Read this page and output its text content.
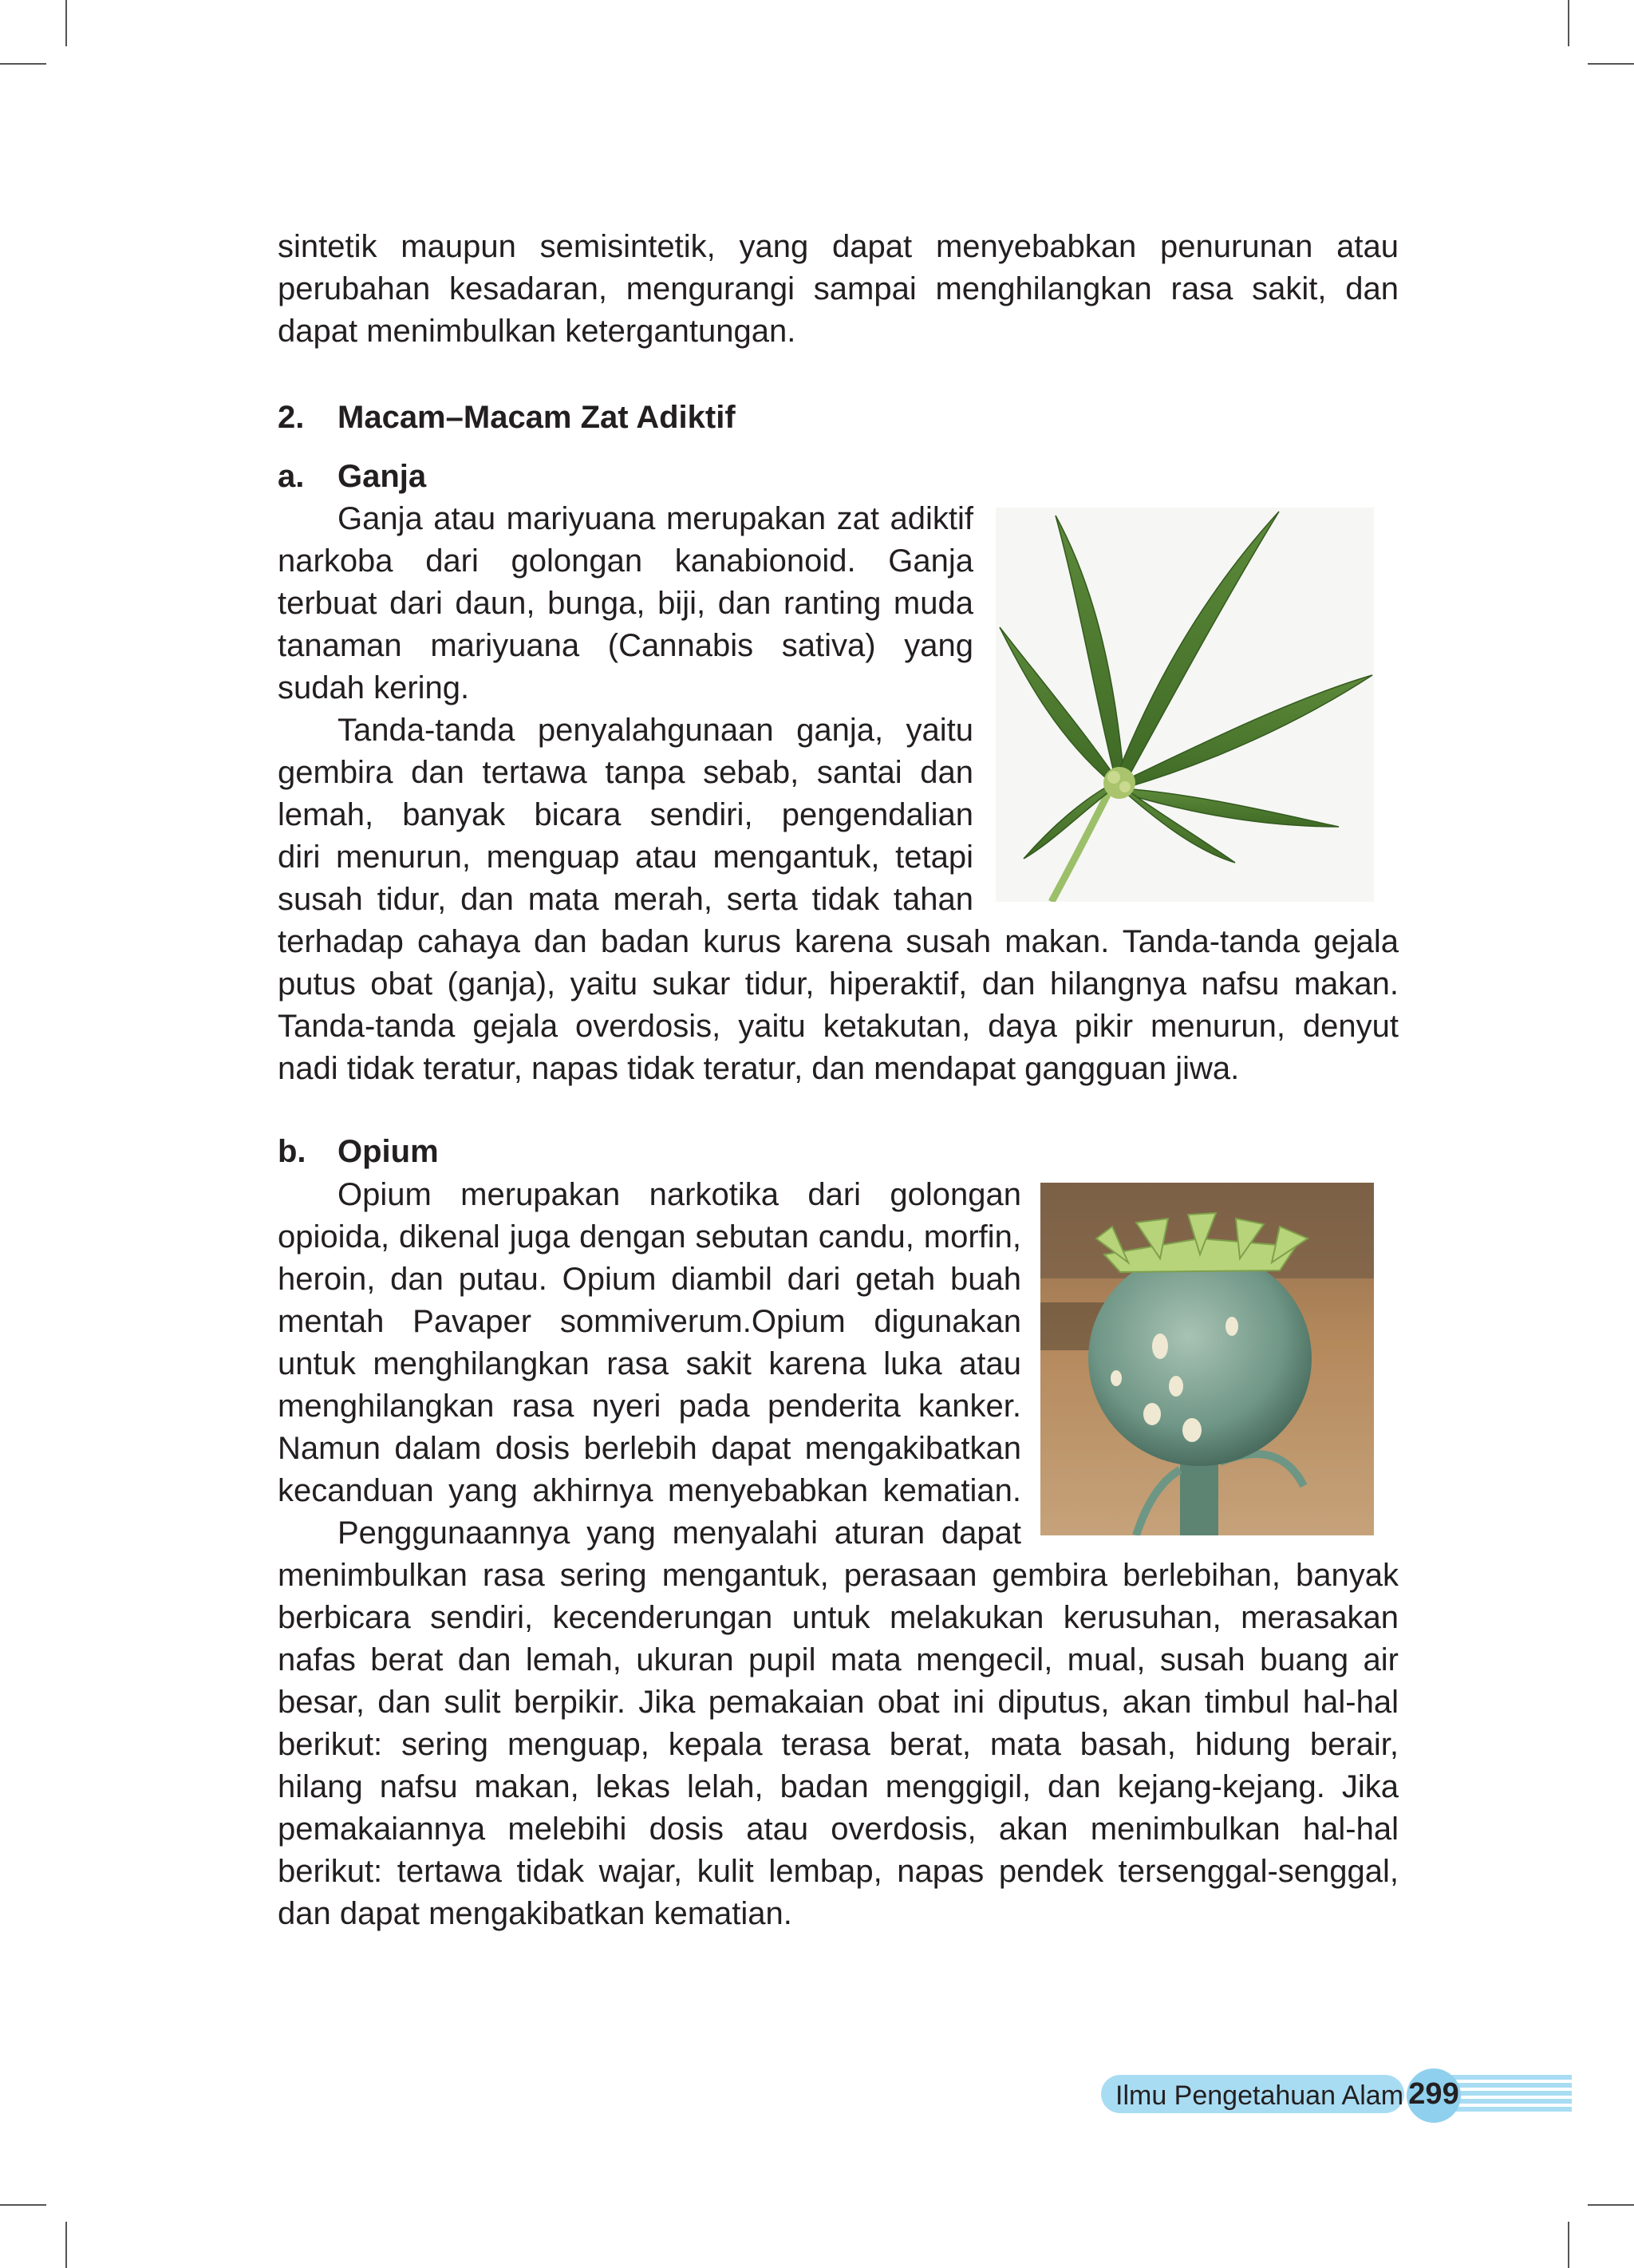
sintetik maupun semisintetik, yang dapat menyebabkan penurunan atau perubahan kesadaran, mengurangi sampai menghilangkan rasa sakit, dan dapat menimbulkan ketergantungan.

2. Macam–Macam Zat Adiktif
a. Ganja
Ganja atau mariyuana merupakan zat adiktif
narkoba dari golongan kanabionoid. Ganja
terbuat dari daun, bunga, biji, dan ranting muda
tanaman mariyuana (Cannabis sativa) yang
sudah kering.
Tanda-tanda penyalahgunaan ganja, yaitu
gembira dan tertawa tanpa sebab, santai dan
lemah, banyak bicara sendiri, pengendalian
diri menurun, menguap atau mengantuk, tetapi
susah tidur, dan mata merah, serta tidak tahan

terhadap cahaya dan badan kurus karena susah makan. Tanda-tanda gejala putus obat (ganja), yaitu sukar tidur, hiperaktif, dan hilangnya nafsu makan. Tanda-tanda gejala overdosis, yaitu ketakutan, daya pikir menurun, denyut nadi tidak teratur, napas tidak teratur, dan mendapat gangguan jiwa.

b. Opium
Opium merupakan narkotika dari golongan
opioida, dikenal juga dengan sebutan candu, morfin,
heroin, dan putau. Opium diambil dari getah buah
mentah Pavaper sommiverum.Opium digunakan
untuk menghilangkan rasa sakit karena luka atau
menghilangkan rasa nyeri pada penderita kanker.
Namun dalam dosis berlebih dapat mengakibatkan
kecanduan yang akhirnya menyebabkan kematian.
Penggunaannya yang menyalahi aturan dapat

menimbulkan rasa sering mengantuk, perasaan gembira berlebihan, banyak berbicara sendiri, kecenderungan untuk melakukan kerusuhan, merasakan nafas berat dan lemah, ukuran pupil mata mengecil, mual, susah buang air besar, dan sulit berpikir. Jika pemakaian obat ini diputus, akan timbul hal-hal berikut: sering menguap, kepala terasa berat, mata basah, hidung berair, hilang nafsu makan, lekas lelah, badan menggigil, dan kejang-kejang. Jika pemakaiannya melebihi dosis atau overdosis, akan menimbulkan hal-hal berikut: tertawa tidak wajar, kulit lembap, napas pendek tersenggal-senggal, dan dapat mengakibatkan kematian.

Ilmu Pengetahuan Alam 299
